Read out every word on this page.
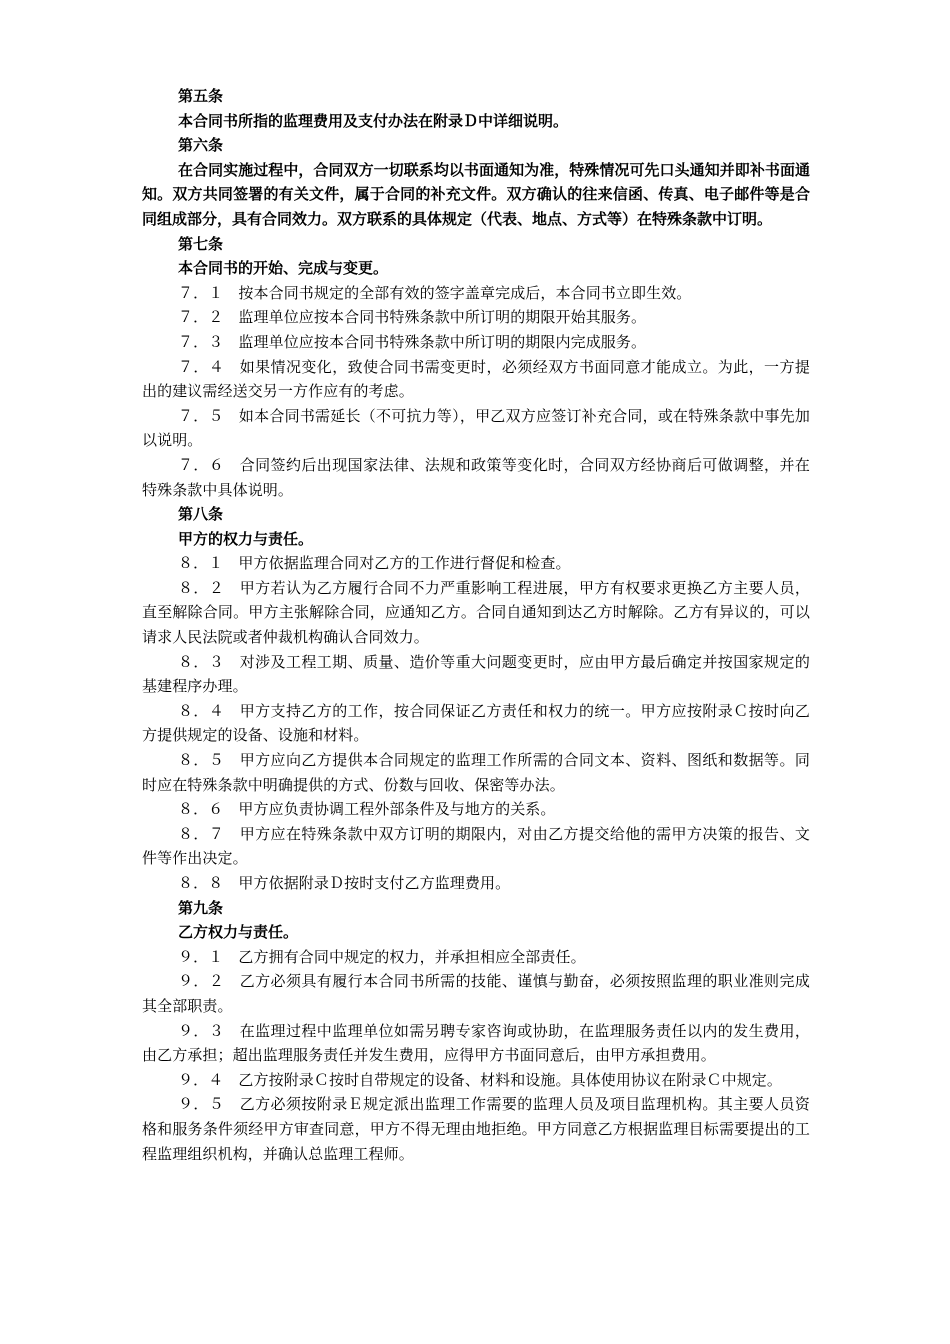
第五条

本合同书所指的监理费用及支付办法在附录Ｄ中详细说明。

第六条

在合同实施过程中，合同双方一切联系均以书面通知为准，特殊情况可先口头通知并即补书面通知。双方共同签署的有关文件，属于合同的补充文件。双方确认的往来信函、传真、电子邮件等是合同组成部分，具有合同效力。双方联系的具体规定（代表、地点、方式等）在特殊条款中订明。

第七条

本合同书的开始、完成与变更。

７．１　按本合同书规定的全部有效的签字盖章完成后，本合同书立即生效。

７．２　监理单位应按本合同书特殊条款中所订明的期限开始其服务。

７．３　监理单位应按本合同书特殊条款中所订明的期限内完成服务。

７．４　如果情况变化，致使合同书需变更时，必须经双方书面同意才能成立。为此，一方提出的建议需经送交另一方作应有的考虑。

７．５　如本合同书需延长（不可抗力等），甲乙双方应签订补充合同，或在特殊条款中事先加以说明。

７．６　合同签约后出现国家法律、法规和政策等变化时，合同双方经协商后可做调整，并在特殊条款中具体说明。

第八条

甲方的权力与责任。

８．１　甲方依据监理合同对乙方的工作进行督促和检查。

８．２　甲方若认为乙方履行合同不力严重影响工程进展，甲方有权要求更换乙方主要人员，直至解除合同。甲方主张解除合同，应通知乙方。合同自通知到达乙方时解除。乙方有异议的，可以请求人民法院或者仲裁机构确认合同效力。

８．３　对涉及工程工期、质量、造价等重大问题变更时，应由甲方最后确定并按国家规定的基建程序办理。

８．４　甲方支持乙方的工作，按合同保证乙方责任和权力的统一。甲方应按附录Ｃ按时向乙方提供规定的设备、设施和材料。

８．５　甲方应向乙方提供本合同规定的监理工作所需的合同文本、资料、图纸和数据等。同时应在特殊条款中明确提供的方式、份数与回收、保密等办法。

８．６　甲方应负责协调工程外部条件及与地方的关系。

８．７　甲方应在特殊条款中双方订明的期限内，对由乙方提交给他的需甲方决策的报告、文件等作出决定。

８．８　甲方依据附录Ｄ按时支付乙方监理费用。

第九条

乙方权力与责任。

９．１　乙方拥有合同中规定的权力，并承担相应全部责任。

９．２　乙方必须具有履行本合同书所需的技能、谨慎与勤奋，必须按照监理的职业准则完成其全部职责。

９．３　在监理过程中监理单位如需另聘专家咨询或协助，在监理服务责任以内的发生费用，由乙方承担；超出监理服务责任并发生费用，应得甲方书面同意后，由甲方承担费用。

９．４　乙方按附录Ｃ按时自带规定的设备、材料和设施。具体使用协议在附录Ｃ中规定。

９．５　乙方必须按附录Ｅ规定派出监理工作需要的监理人员及项目监理机构。其主要人员资格和服务条件须经甲方审查同意，甲方不得无理由地拒绝。甲方同意乙方根据监理目标需要提出的工程监理组织机构，并确认总监理工程师。
